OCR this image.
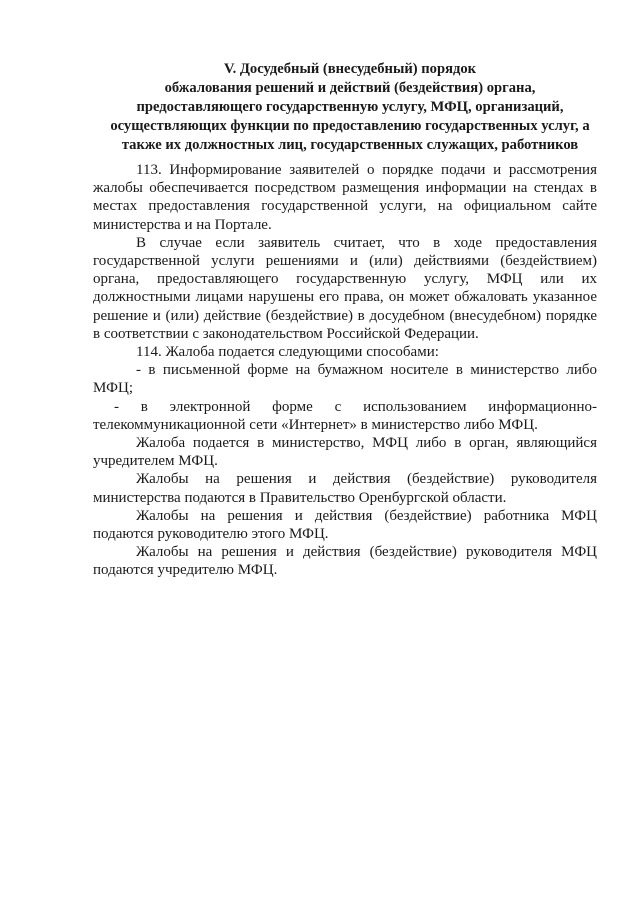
V. Досудебный (внесудебный) порядок
обжалования решений и действий (бездействия) органа,
предоставляющего государственную услугу, МФЦ, организаций,
осуществляющих функции по предоставлению государственных услуг, а
также их должностных лиц, государственных служащих, работников

113. Информирование заявителей о порядке подачи и рассмотрения жалобы обеспечивается посредством размещения информации на стендах в местах предоставления государственной услуги, на официальном сайте министерства и на Портале.

В случае если заявитель считает, что в ходе предоставления государственной услуги решениями и (или) действиями (бездействием) органа, предоставляющего государственную услугу, МФЦ или их должностными лицами нарушены его права, он может обжаловать указанное решение и (или) действие (бездействие) в досудебном (внесудебном) порядке в соответствии с законодательством Российской Федерации.

114. Жалоба подается следующими способами:

- в письменной форме на бумажном носителе в министерство либо МФЦ;

- в электронной форме с использованием информационно-телекоммуникационной сети «Интернет» в министерство либо МФЦ.

Жалоба подается в министерство, МФЦ либо в орган, являющийся учредителем МФЦ.

Жалобы на решения и действия (бездействие) руководителя министерства подаются в Правительство Оренбургской области.

Жалобы на решения и действия (бездействие) работника МФЦ подаются руководителю этого МФЦ.

Жалобы на решения и действия (бездействие) руководителя МФЦ подаются учредителю МФЦ.
